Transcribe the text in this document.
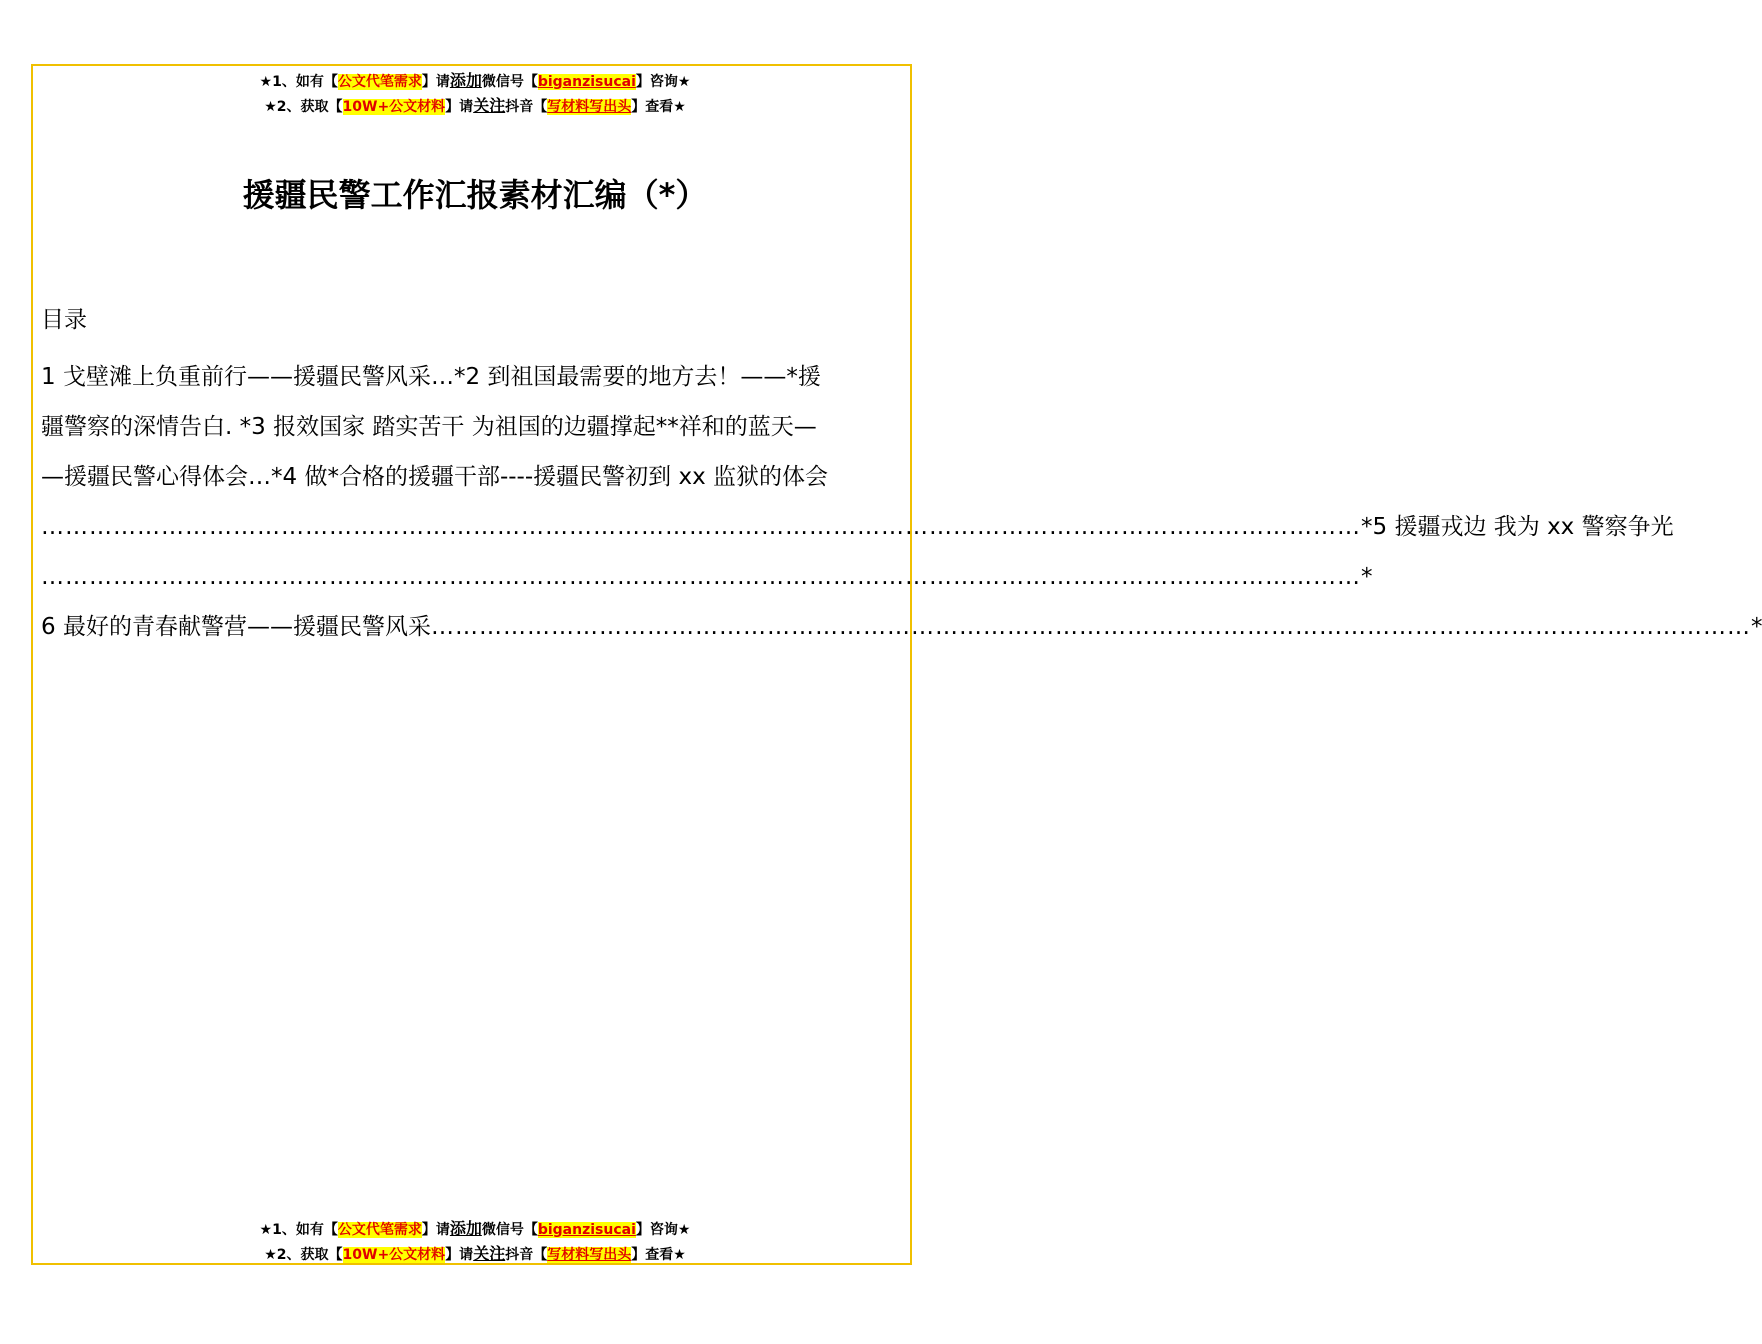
★1、如有【公文代笔需求】请添加微信号【biganzisucai】咨询★
★2、获取【10W+公文材料】请关注抖音【写材料写出头】查看★
援疆民警工作汇报素材汇编（*）
目录
1 戈壁滩上负重前行——援疆民警风采…*2 到祖国最需要的地方去！——*援
疆警察的深情告白. *3 报效国家 踏实苦干 为祖国的边疆撑起**祥和的蓝天—
—援疆民警心得体会…*4 做*合格的援疆干部----援疆民警初到 xx 监狱的体会
………………………………………………………………………………………………………………………………………………… *5 援疆戎边 我为 xx 警察争光
………………………………………………………………………………………………………………………………………………… *
6 最好的青春献警营——援疆民警风采 ………………………………………………………………………………………………………………………………………………… *
★1、如有【公文代笔需求】请添加微信号【biganzisucai】咨询★
★2、获取【10W+公文材料】请关注抖音【写材料写出头】查看★
